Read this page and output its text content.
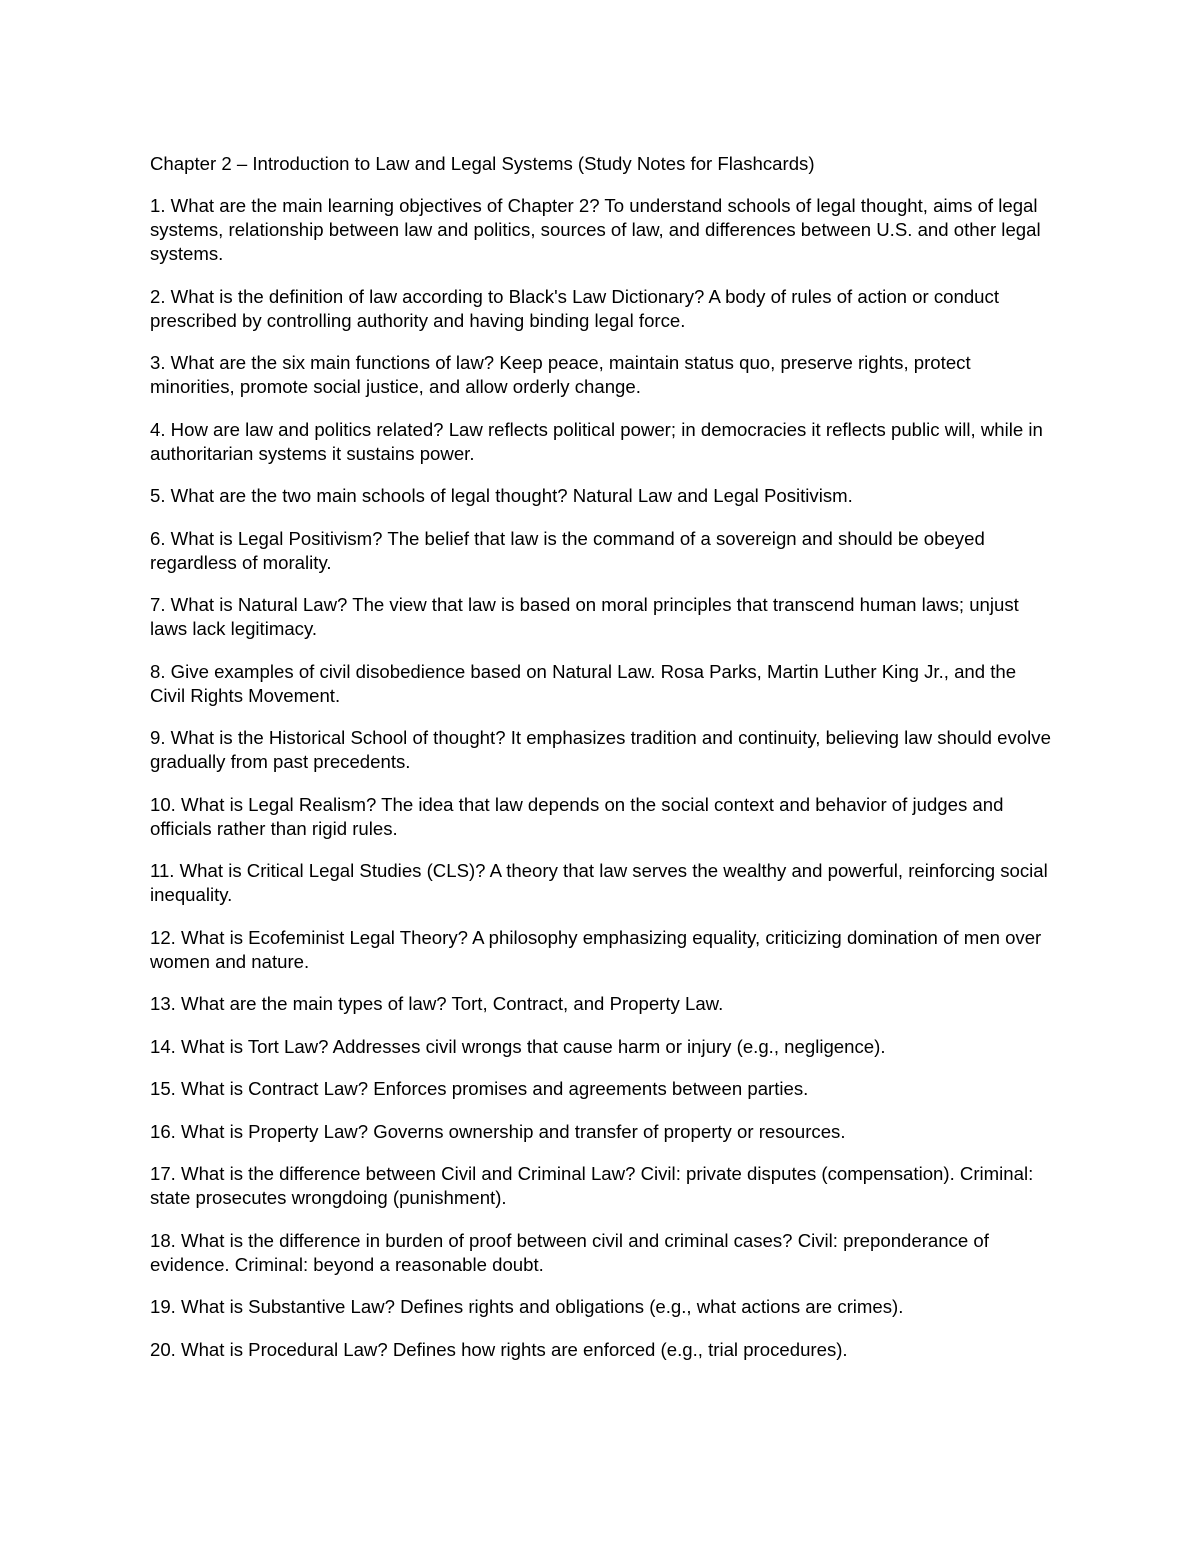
Chapter 2 – Introduction to Law and Legal Systems (Study Notes for Flashcards)

1. What are the main learning objectives of Chapter 2? To understand schools of legal thought, aims of legal systems, relationship between law and politics, sources of law, and differences between U.S. and other legal systems.

2. What is the definition of law according to Black's Law Dictionary? A body of rules of action or conduct prescribed by controlling authority and having binding legal force.

3. What are the six main functions of law? Keep peace, maintain status quo, preserve rights, protect minorities, promote social justice, and allow orderly change.

4. How are law and politics related? Law reflects political power; in democracies it reflects public will, while in authoritarian systems it sustains power.

5. What are the two main schools of legal thought? Natural Law and Legal Positivism.

6. What is Legal Positivism? The belief that law is the command of a sovereign and should be obeyed regardless of morality.

7. What is Natural Law? The view that law is based on moral principles that transcend human laws; unjust laws lack legitimacy.

8. Give examples of civil disobedience based on Natural Law. Rosa Parks, Martin Luther King Jr., and the Civil Rights Movement.

9. What is the Historical School of thought? It emphasizes tradition and continuity, believing law should evolve gradually from past precedents.

10. What is Legal Realism? The idea that law depends on the social context and behavior of judges and officials rather than rigid rules.

11. What is Critical Legal Studies (CLS)? A theory that law serves the wealthy and powerful, reinforcing social inequality.

12. What is Ecofeminist Legal Theory? A philosophy emphasizing equality, criticizing domination of men over women and nature.

13. What are the main types of law? Tort, Contract, and Property Law.

14. What is Tort Law? Addresses civil wrongs that cause harm or injury (e.g., negligence).

15. What is Contract Law? Enforces promises and agreements between parties.

16. What is Property Law? Governs ownership and transfer of property or resources.

17. What is the difference between Civil and Criminal Law? Civil: private disputes (compensation). Criminal: state prosecutes wrongdoing (punishment).

18. What is the difference in burden of proof between civil and criminal cases? Civil: preponderance of evidence. Criminal: beyond a reasonable doubt.

19. What is Substantive Law? Defines rights and obligations (e.g., what actions are crimes).

20. What is Procedural Law? Defines how rights are enforced (e.g., trial procedures).
